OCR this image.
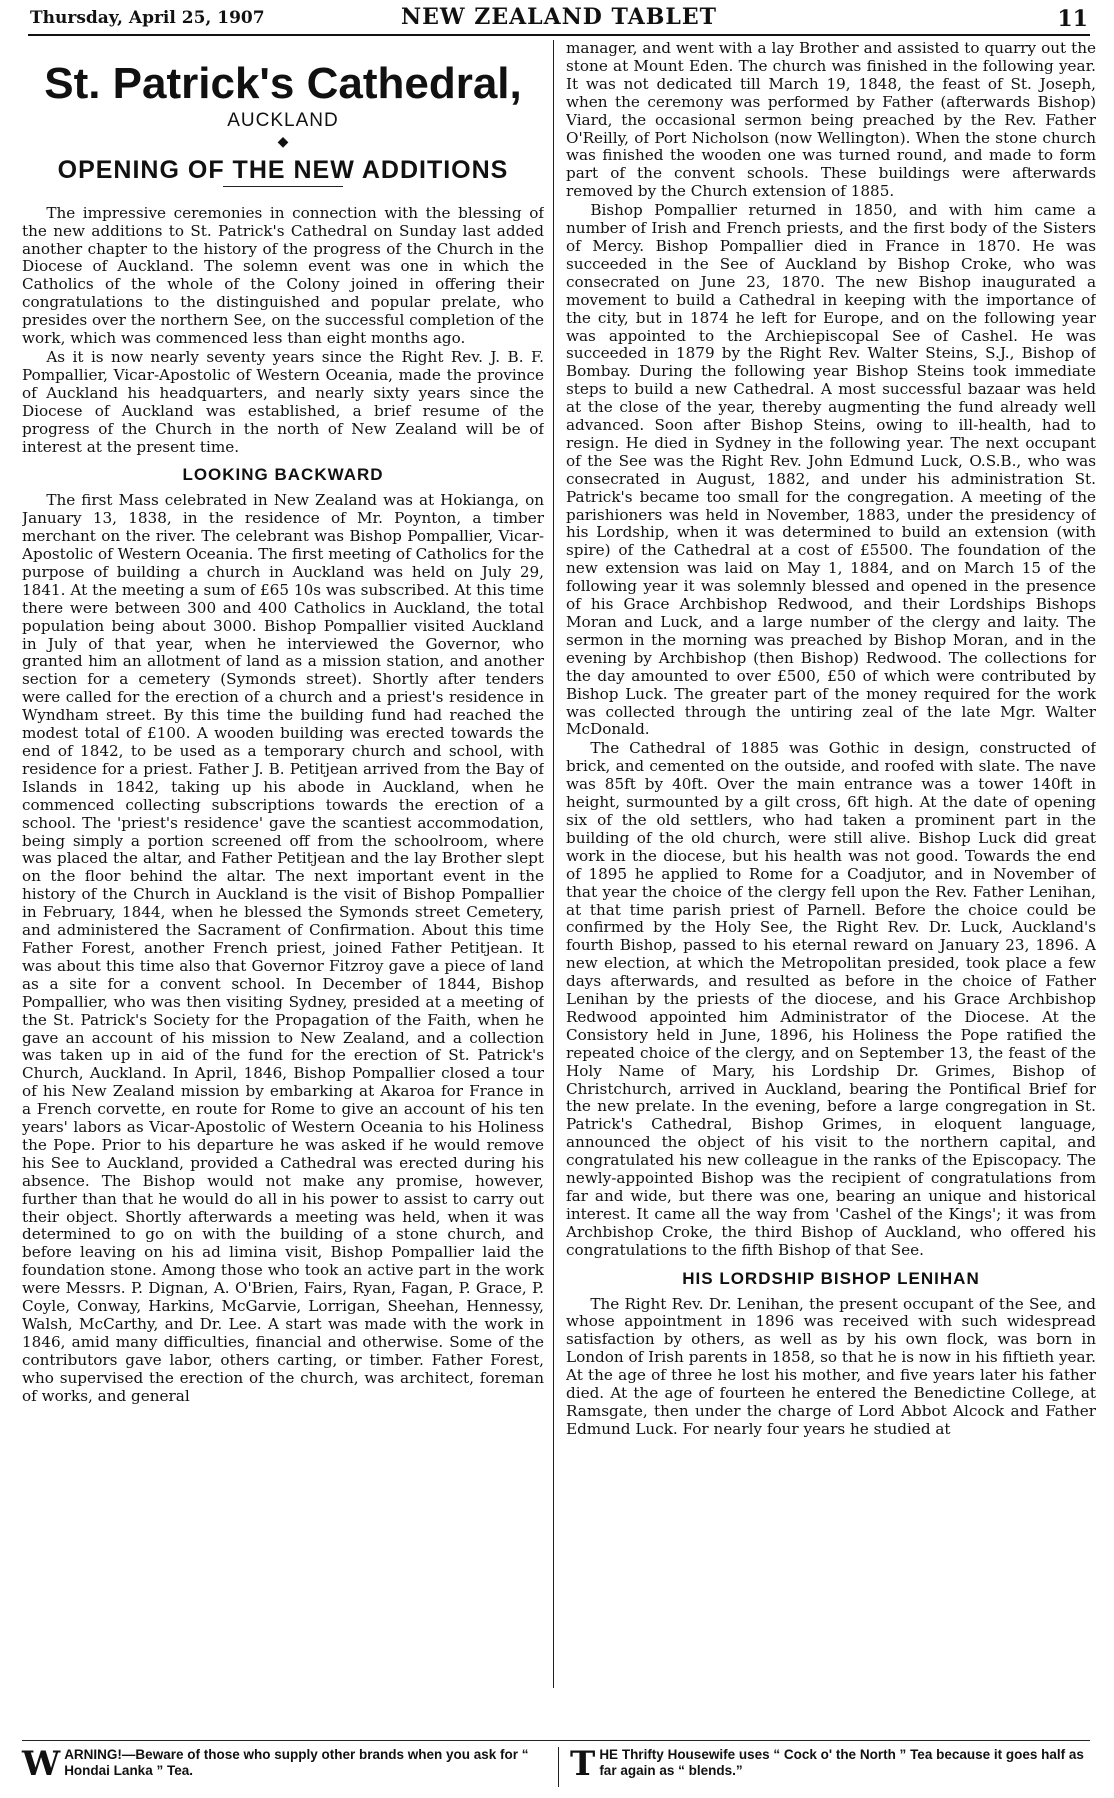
Thursday, April 25, 1907	NEW ZEALAND TABLET	11
St. Patrick's Cathedral,
AUCKLAND
◆
OPENING OF THE NEW ADDITIONS

The impressive ceremonies in connection with the blessing of the new additions to St. Patrick's Cathedral on Sunday last added another chapter to the history of the progress of the Church in the Diocese of Auckland. The solemn event was one in which the Catholics of the whole of the Colony joined in offering their congratulations to the distinguished and popular prelate, who presides over the northern See, on the successful completion of the work, which was commenced less than eight months ago.

As it is now nearly seventy years since the Right Rev. J. B. F. Pompallier, Vicar-Apostolic of Western Oceania, made the province of Auckland his headquarters, and nearly sixty years since the Diocese of Auckland was established, a brief resume of the progress of the Church in the north of New Zealand will be of interest at the present time.

LOOKING BACKWARD

The first Mass celebrated in New Zealand was at Hokianga, on January 13, 1838, in the residence of Mr. Poynton, a timber merchant on the river. The celebrant was Bishop Pompallier, Vicar-Apostolic of Western Oceania. The first meeting of Catholics for the purpose of building a church in Auckland was held on July 29, 1841. At the meeting a sum of £65 10s was subscribed. At this time there were between 300 and 400 Catholics in Auckland, the total population being about 3000. Bishop Pompallier visited Auckland in July of that year, when he interviewed the Governor, who granted him an allotment of land as a mission station, and another section for a cemetery (Symonds street). Shortly after tenders were called for the erection of a church and a priest's residence in Wyndham street. By this time the building fund had reached the modest total of £100. A wooden building was erected towards the end of 1842, to be used as a temporary church and school, with residence for a priest. Father J. B. Petitjean arrived from the Bay of Islands in 1842, taking up his abode in Auckland, when he commenced collecting subscriptions towards the erection of a school. The 'priest's residence' gave the scantiest accommodation, being simply a portion screened off from the schoolroom, where was placed the altar, and Father Petitjean and the lay Brother slept on the floor behind the altar. The next important event in the history of the Church in Auckland is the visit of Bishop Pompallier in February, 1844, when he blessed the Symonds street Cemetery, and administered the Sacrament of Confirmation. About this time Father Forest, another French priest, joined Father Petitjean. It was about this time also that Governor Fitzroy gave a piece of land as a site for a convent school. In December of 1844, Bishop Pompallier, who was then visiting Sydney, presided at a meeting of the St. Patrick's Society for the Propagation of the Faith, when he gave an account of his mission to New Zealand, and a collection was taken up in aid of the fund for the erection of St. Patrick's Church, Auckland. In April, 1846, Bishop Pompallier closed a tour of his New Zealand mission by embarking at Akaroa for France in a French corvette, en route for Rome to give an account of his ten years' labors as Vicar-Apostolic of Western Oceania to his Holiness the Pope. Prior to his departure he was asked if he would remove his See to Auckland, provided a Cathedral was erected during his absence. The Bishop would not make any promise, however, further than that he would do all in his power to assist to carry out their object. Shortly afterwards a meeting was held, when it was determined to go on with the building of a stone church, and before leaving on his ad limina visit, Bishop Pompallier laid the foundation stone. Among those who took an active part in the work were Messrs. P. Dignan, A. O'Brien, Fairs, Ryan, Fagan, P. Grace, P. Coyle, Conway, Harkins, McGarvie, Lorrigan, Sheehan, Hennessy, Walsh, McCarthy, and Dr. Lee. A start was made with the work in 1846, amid many difficulties, financial and otherwise. Some of the contributors gave labor, others carting, or timber. Father Forest, who supervised the erection of the church, was architect, foreman of works, and general

manager, and went with a lay Brother and assisted to quarry out the stone at Mount Eden. The church was finished in the following year. It was not dedicated till March 19, 1848, the feast of St. Joseph, when the ceremony was performed by Father (afterwards Bishop) Viard, the occasional sermon being preached by the Rev. Father O'Reilly, of Port Nicholson (now Wellington). When the stone church was finished the wooden one was turned round, and made to form part of the convent schools. These buildings were afterwards removed by the Church extension of 1885.

Bishop Pompallier returned in 1850, and with him came a number of Irish and French priests, and the first body of the Sisters of Mercy. Bishop Pompallier died in France in 1870. He was succeeded in the See of Auckland by Bishop Croke, who was consecrated on June 23, 1870. The new Bishop inaugurated a movement to build a Cathedral in keeping with the importance of the city, but in 1874 he left for Europe, and on the following year was appointed to the Archiepiscopal See of Cashel. He was succeeded in 1879 by the Right Rev. Walter Steins, S.J., Bishop of Bombay. During the following year Bishop Steins took immediate steps to build a new Cathedral. A most successful bazaar was held at the close of the year, thereby augmenting the fund already well advanced. Soon after Bishop Steins, owing to ill-health, had to resign. He died in Sydney in the following year. The next occupant of the See was the Right Rev. John Edmund Luck, O.S.B., who was consecrated in August, 1882, and under his administration St. Patrick's became too small for the congregation. A meeting of the parishioners was held in November, 1883, under the presidency of his Lordship, when it was determined to build an extension (with spire) of the Cathedral at a cost of £5500. The foundation of the new extension was laid on May 1, 1884, and on March 15 of the following year it was solemnly blessed and opened in the presence of his Grace Archbishop Redwood, and their Lordships Bishops Moran and Luck, and a large number of the clergy and laity. The sermon in the morning was preached by Bishop Moran, and in the evening by Archbishop (then Bishop) Redwood. The collections for the day amounted to over £500, £50 of which were contributed by Bishop Luck. The greater part of the money required for the work was collected through the untiring zeal of the late Mgr. Walter McDonald.

The Cathedral of 1885 was Gothic in design, constructed of brick, and cemented on the outside, and roofed with slate. The nave was 85ft by 40ft. Over the main entrance was a tower 140ft in height, surmounted by a gilt cross, 6ft high. At the date of opening six of the old settlers, who had taken a prominent part in the building of the old church, were still alive. Bishop Luck did great work in the diocese, but his health was not good. Towards the end of 1895 he applied to Rome for a Coadjutor, and in November of that year the choice of the clergy fell upon the Rev. Father Lenihan, at that time parish priest of Parnell. Before the choice could be confirmed by the Holy See, the Right Rev. Dr. Luck, Auckland's fourth Bishop, passed to his eternal reward on January 23, 1896. A new election, at which the Metropolitan presided, took place a few days afterwards, and resulted as before in the choice of Father Lenihan by the priests of the diocese, and his Grace Archbishop Redwood appointed him Administrator of the Diocese. At the Consistory held in June, 1896, his Holiness the Pope ratified the repeated choice of the clergy, and on September 13, the feast of the Holy Name of Mary, his Lordship Dr. Grimes, Bishop of Christchurch, arrived in Auckland, bearing the Pontifical Brief for the new prelate. In the evening, before a large congregation in St. Patrick's Cathedral, Bishop Grimes, in eloquent language, announced the object of his visit to the northern capital, and congratulated his new colleague in the ranks of the Episcopacy. The newly-appointed Bishop was the recipient of congratulations from far and wide, but there was one, bearing an unique and historical interest. It came all the way from 'Cashel of the Kings'; it was from Archbishop Croke, the third Bishop of Auckland, who offered his congratulations to the fifth Bishop of that See.

HIS LORDSHIP BISHOP LENIHAN

The Right Rev. Dr. Lenihan, the present occupant of the See, and whose appointment in 1896 was received with such widespread satisfaction by others, as well as by his own flock, was born in London of Irish parents in 1858, so that he is now in his fiftieth year. At the age of three he lost his mother, and five years later his father died. At the age of fourteen he entered the Benedictine College, at Ramsgate, then under the charge of Lord Abbot Alcock and Father Edmund Luck. For nearly four years he studied at

W ARNING!—Beware of those who supply other brands when you ask for “ Hondai Lanka ” Tea.	T HE Thrifty Housewife uses “ Cock o' the North ” Tea because it goes half as far again as “ blends.”
